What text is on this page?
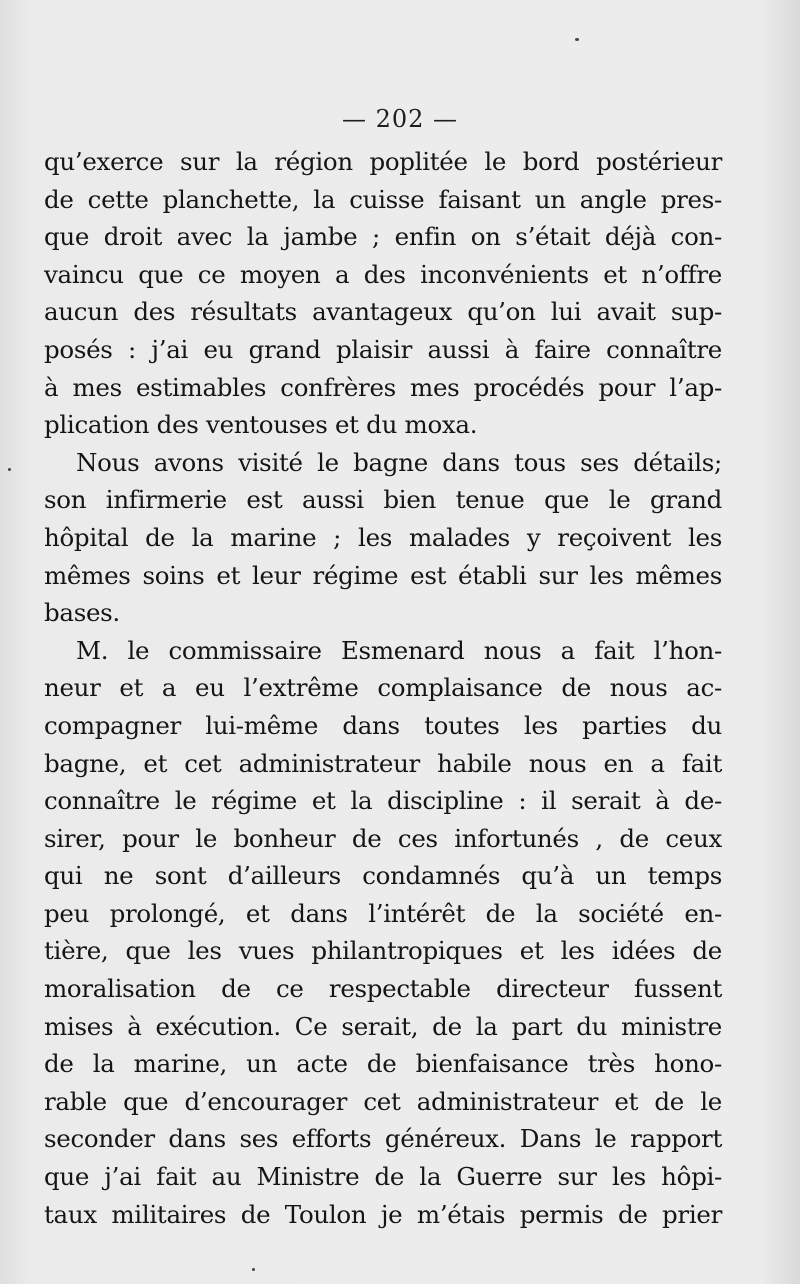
— 202 —

qu’exerce sur la région poplitée le bord postérieur
de cette planchette, la cuisse faisant un angle pres-
que droit avec la jambe ; enfin on s’était déjà con-
vaincu que ce moyen a des inconvénients et n’offre
aucun des résultats avantageux qu’on lui avait sup-
posés : j’ai eu grand plaisir aussi à faire connaître
à mes estimables confrères mes procédés pour l’ap-
plication des ventouses et du moxa.

Nous avons visité le bagne dans tous ses détails;
son infirmerie est aussi bien tenue que le grand
hôpital de la marine ; les malades y reçoivent les
mêmes soins et leur régime est établi sur les mêmes
bases.

M. le commissaire Esmenard nous a fait l’hon-
neur et a eu l’extrême complaisance de nous ac-
compagner lui-même dans toutes les parties du
bagne, et cet administrateur habile nous en a fait
connaître le régime et la discipline : il serait à de-
sirer, pour le bonheur de ces infortunés , de ceux
qui ne sont d’ailleurs condamnés qu’à un temps
peu prolongé, et dans l’intérêt de la société en-
tière, que les vues philantropiques et les idées de
moralisation de ce respectable directeur fussent
mises à exécution. Ce serait, de la part du ministre
de la marine, un acte de bienfaisance très hono-
rable que d’encourager cet administrateur et de le
seconder dans ses efforts généreux. Dans le rapport
que j’ai fait au Ministre de la Guerre sur les hôpi-
taux militaires de Toulon je m’étais permis de prier
